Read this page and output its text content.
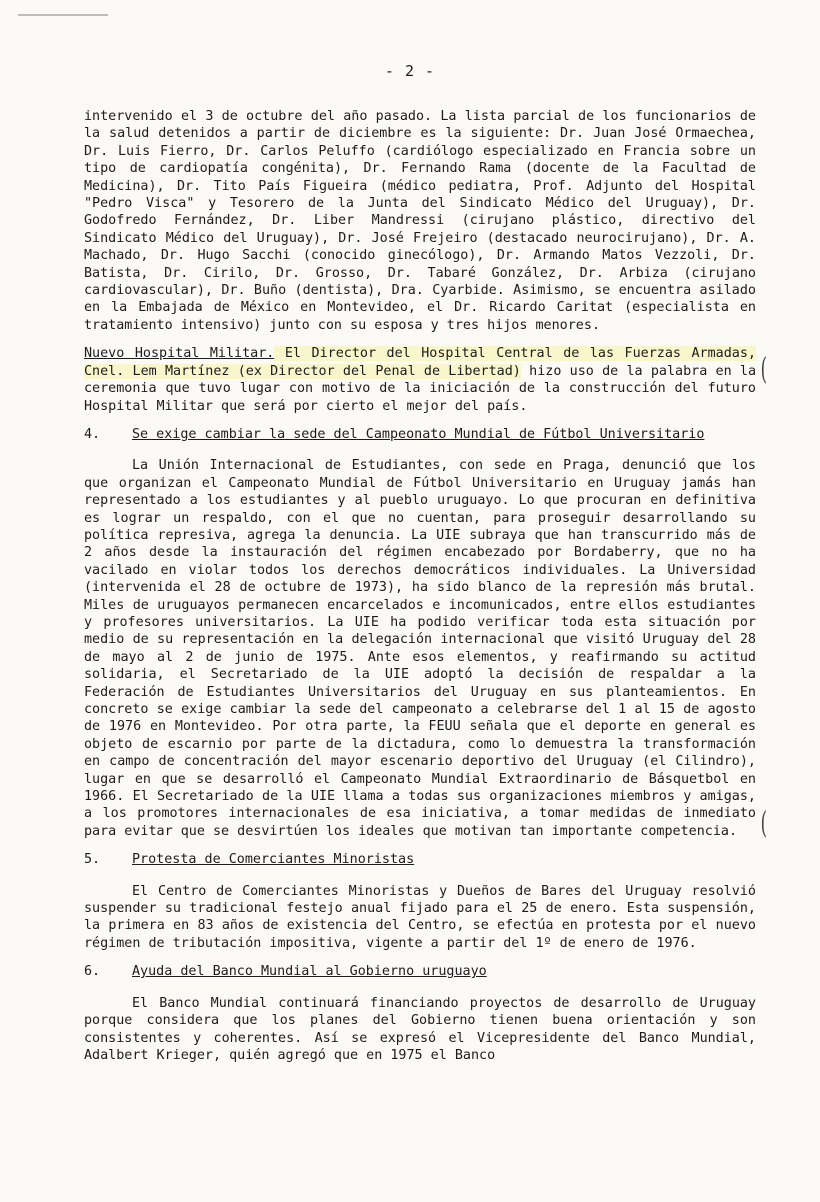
- 2 -

intervenido el 3 de octubre del año pasado. La lista parcial de los funcionarios de la salud detenidos a partir de diciembre es la siguiente: Dr. Juan José Ormaechea, Dr. Luis Fierro, Dr. Carlos Peluffo (cardiólogo especializado en Francia sobre un tipo de cardiopatía congénita), Dr. Fernando Rama (docente de la Facultad de Medicina), Dr. Tito País Figueira (médico pediatra, Prof. Adjunto del Hospital "Pedro Visca" y Tesorero de la Junta del Sindicato Médico del Uruguay), Dr. Godofredo Fernández, Dr. Liber Mandressi (cirujano plástico, directivo del Sindicato Médico del Uruguay), Dr. José Frejeiro (destacado neurocirujano), Dr. A. Machado, Dr. Hugo Sacchi (conocido ginecólogo), Dr. Armando Matos Vezzoli, Dr. Batista, Dr. Cirilo, Dr. Grosso, Dr. Tabaré González, Dr. Arbiza (cirujano cardiovascular), Dr. Buño (dentista), Dra. Cyarbide. Asimismo, se encuentra asilado en la Embajada de México en Montevideo, el Dr. Ricardo Caritat (especialista en tratamiento intensivo) junto con su esposa y tres hijos menores.

Nuevo Hospital Militar. El Director del Hospital Central de las Fuerzas Armadas, Cnel. Lem Martínez (ex Director del Penal de Libertad) hizo uso de la palabra en la ceremonia que tuvo lugar con motivo de la iniciación de la construcción del futuro Hospital Militar que será por cierto el mejor del país.

4.	Se exige cambiar la sede del Campeonato Mundial de Fútbol Universitario

La Unión Internacional de Estudiantes, con sede en Praga, denunció que los que organizan el Campeonato Mundial de Fútbol Universitario en Uruguay jamás han representado a los estudiantes y al pueblo uruguayo. Lo que procuran en definitiva es lograr un respaldo, con el que no cuentan, para proseguir desarrollando su política represiva, agrega la denuncia. La UIE subraya que han transcurrido más de 2 años desde la instauración del régimen encabezado por Bordaberry, que no ha vacilado en violar todos los derechos democráticos individuales. La Universidad (intervenida el 28 de octubre de 1973), ha sido blanco de la represión más brutal. Miles de uruguayos permanecen encarcelados e incomunicados, entre ellos estudiantes y profesores universitarios. La UIE ha podido verificar toda esta situación por medio de su representación en la delegación internacional que visitó Uruguay del 28 de mayo al 2 de junio de 1975. Ante esos elementos, y reafirmando su actitud solidaria, el Secretariado de la UIE adoptó la decisión de respaldar a la Federación de Estudiantes Universitarios del Uruguay en sus planteamientos. En concreto se exige cambiar la sede del campeonato a celebrarse del 1 al 15 de agosto de 1976 en Montevideo. Por otra parte, la FEUU señala que el deporte en general es objeto de escarnio por parte de la dictadura, como lo demuestra la transformación en campo de concentración del mayor escenario deportivo del Uruguay (el Cilindro), lugar en que se desarrolló el Campeonato Mundial Extraordinario de Básquetbol en 1966. El Secretariado de la UIE llama a todas sus organizaciones miembros y amigas, a los promotores internacionales de esa iniciativa, a tomar medidas de inmediato para evitar que se desvirtúen los ideales que motivan tan importante competencia.

5.	Protesta de Comerciantes Minoristas

El Centro de Comerciantes Minoristas y Dueños de Bares del Uruguay resolvió suspender su tradicional festejo anual fijado para el 25 de enero. Esta suspensión, la primera en 83 años de existencia del Centro, se efectúa en protesta por el nuevo régimen de tributación impositiva, vigente a partir del 1º de enero de 1976.

6.	Ayuda del Banco Mundial al Gobierno uruguayo

El Banco Mundial continuará financiando proyectos de desarrollo de Uruguay porque considera que los planes del Gobierno tienen buena orientación y son consistentes y coherentes. Así se expresó el Vicepresidente del Banco Mundial, Adalbert Krieger, quién agregó que en 1975 el Banco

(
(
